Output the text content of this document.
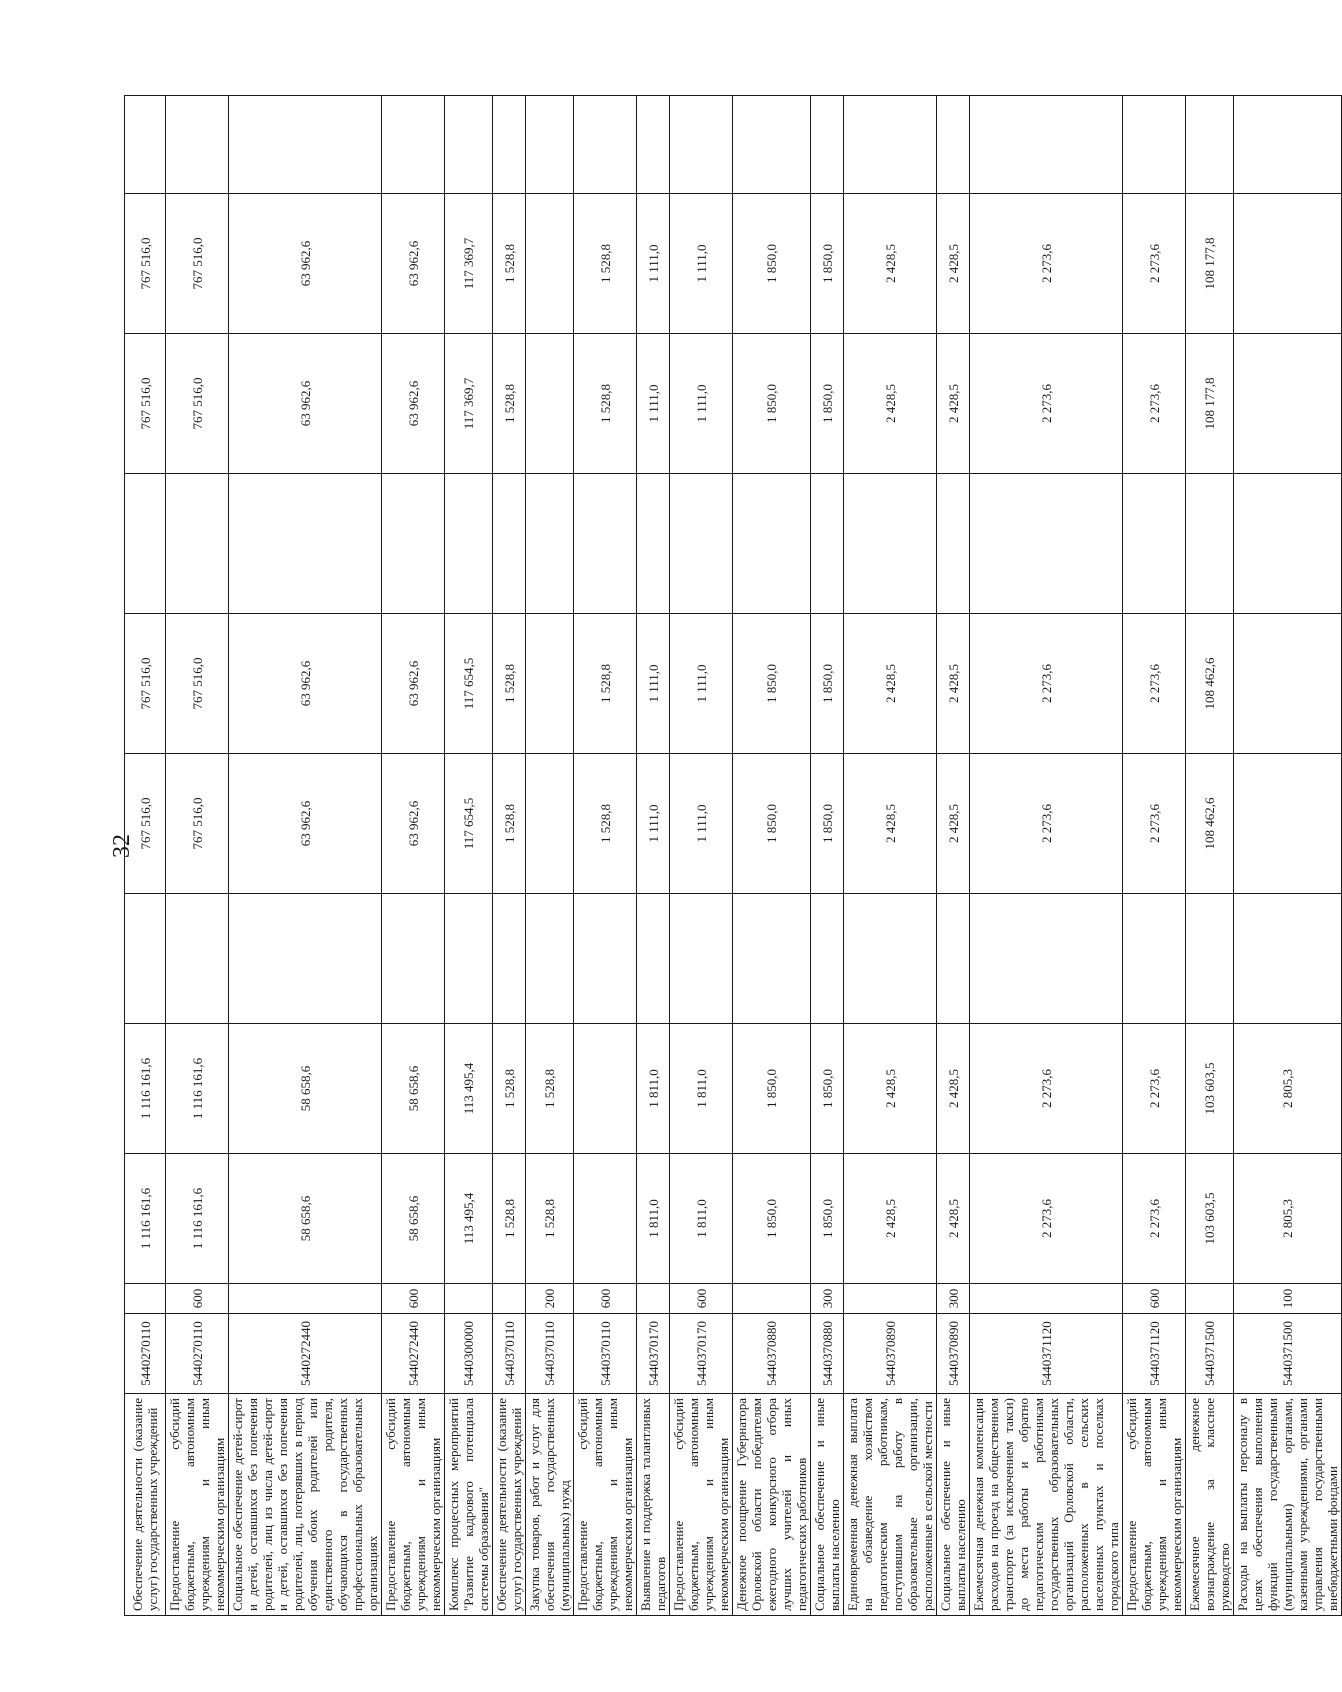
32
Обеспечение деятельности (оказание услуг) государственных учреждений	5440270110		1 116 161,6	1 116 161,6		767 516,0	767 516,0		767 516,0	767 516,0	
Предоставление субсидий бюджетным, автономным учреждениям и иным некоммерческим организациям	5440270110	600	1 116 161,6	1 116 161,6		767 516,0	767 516,0		767 516,0	767 516,0	
Социальное обеспечение детей-сирот и детей, оставшихся без попечения родителей, лиц из числа детей-сирот и детей, оставшихся без попечения родителей, лиц, потерявших в период обучения обоих родителей или единственного родителя, обучающихся в государственных профессиональных образовательных организациях	5440272440		58 658,6	58 658,6		63 962,6	63 962,6		63 962,6	63 962,6	
Предоставление субсидий бюджетным, автономным учреждениям и иным некоммерческим организациям	5440272440	600	58 658,6	58 658,6		63 962,6	63 962,6		63 962,6	63 962,6	
Комплекс процессных мероприятий "Развитие кадрового потенциала системы образования"	5440300000		113 495,4	113 495,4		117 654,5	117 654,5		117 369,7	117 369,7	
Обеспечение деятельности (оказание услуг) государственных учреждений	5440370110		1 528,8	1 528,8		1 528,8	1 528,8		1 528,8	1 528,8	
Закупка товаров, работ и услуг для обеспечения государственных (муниципальных) нужд	5440370110	200	1 528,8	1 528,8							
Предоставление субсидий бюджетным, автономным учреждениям и иным некоммерческим организациям	5440370110	600				1 528,8	1 528,8		1 528,8	1 528,8	
Выявление и поддержка талантливых педагогов	5440370170		1 811,0	1 811,0		1 111,0	1 111,0		1 111,0	1 111,0	
Предоставление субсидий бюджетным, автономным учреждениям и иным некоммерческим организациям	5440370170	600	1 811,0	1 811,0		1 111,0	1 111,0		1 111,0	1 111,0	
Денежное поощрение Губернатора Орловской области победителям ежегодного конкурсного отбора лучших учителей и иных педагогических работников	5440370880		1 850,0	1 850,0		1 850,0	1 850,0		1 850,0	1 850,0	
Социальное обеспечение и иные выплаты населению	5440370880	300	1 850,0	1 850,0		1 850,0	1 850,0		1 850,0	1 850,0	
Единовременная денежная выплата на обзаведение хозяйством педагогическим работникам, поступившим на работу в образовательные организации, расположенные в сельской местности	5440370890		2 428,5	2 428,5		2 428,5	2 428,5		2 428,5	2 428,5	
Социальное обеспечение и иные выплаты населению	5440370890	300	2 428,5	2 428,5		2 428,5	2 428,5		2 428,5	2 428,5	
Ежемесячная денежная компенсация расходов на проезд на общественном транспорте (за исключением такси) до места работы и обратно педагогическим работникам государственных образовательных организаций Орловской области, расположенных в сельских населенных пунктах и поселках городского типа	5440371120		2 273,6	2 273,6		2 273,6	2 273,6		2 273,6	2 273,6	
Предоставление субсидий бюджетным, автономным учреждениям и иным некоммерческим организациям	5440371120	600	2 273,6	2 273,6		2 273,6	2 273,6		2 273,6	2 273,6	
Ежемесячное денежное вознаграждение за классное руководство	5440371500		103 603,5	103 603,5		108 462,6	108 462,6		108 177,8	108 177,8	
Расходы на выплаты персоналу в целях обеспечения выполнения функций государственными (муниципальными) органами, казенными учреждениями, органами управления государственными внебюджетными фондами	5440371500	100	2 805,3	2 805,3							
